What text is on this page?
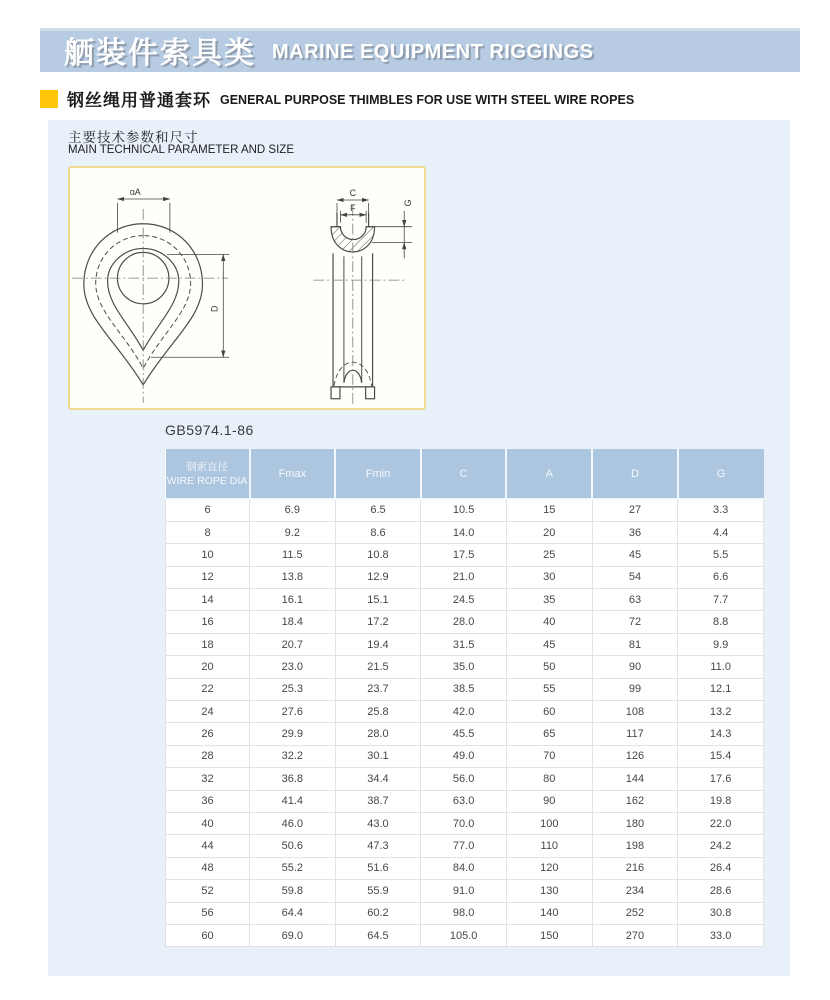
舾装件索具类 MARINE EQUIPMENT RIGGINGS
钢丝绳用普通套环 GENERAL PURPOSE THIMBLES FOR USE WITH STEEL WIRE ROPES
主要技术参数和尺寸
MAIN TECHNICAL PARAMETER AND SIZE
ɑA
D
C
F	G
GB5974.1-86
钢索直径
WIRE ROPE DIA	Fmax	Fmin	C	A	D	G
6	6.9	6.5	10.5	15	27	3.3
8	9.2	8.6	14.0	20	36	4.4
10	11.5	10.8	17.5	25	45	5.5
12	13.8	12.9	21.0	30	54	6.6
14	16.1	15.1	24.5	35	63	7.7
16	18.4	17.2	28.0	40	72	8.8
18	20.7	19.4	31.5	45	81	9.9
20	23.0	21.5	35.0	50	90	11.0
22	25.3	23.7	38.5	55	99	12.1
24	27.6	25.8	42.0	60	108	13.2
26	29.9	28.0	45.5	65	117	14.3
28	32.2	30.1	49.0	70	126	15.4
32	36.8	34.4	56.0	80	144	17.6
36	41.4	38.7	63.0	90	162	19.8
40	46.0	43.0	70.0	100	180	22.0
44	50.6	47.3	77.0	110	198	24.2
48	55.2	51.6	84.0	120	216	26.4
52	59.8	55.9	91.0	130	234	28.6
56	64.4	60.2	98.0	140	252	30.8
60	69.0	64.5	105.0	150	270	33.0
